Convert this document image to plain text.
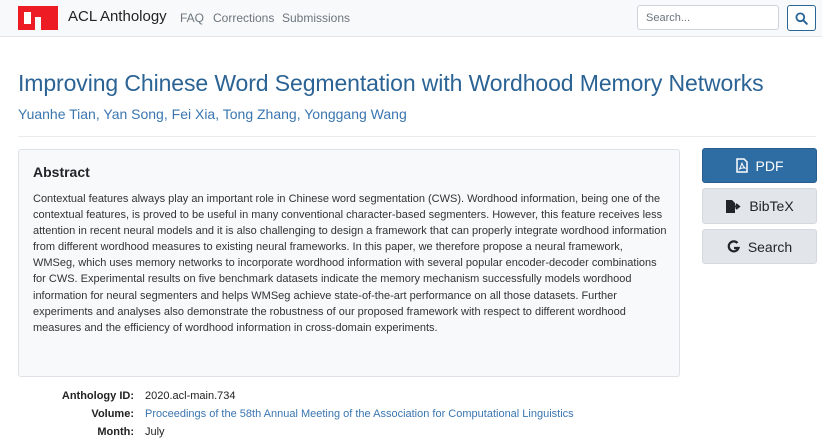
ACL Anthology FAQ Corrections Submissions
Search...
Improving Chinese Word Segmentation with Wordhood Memory Networks
Yuanhe Tian, Yan Song, Fei Xia, Tong Zhang, Yonggang Wang
Abstract

Contextual features always play an important role in Chinese word segmentation (CWS). Wordhood information, being one of the contextual features, is proved to be useful in many conventional character-based segmenters. However, this feature receives less attention in recent neural models and it is also challenging to design a framework that can properly integrate wordhood information from different wordhood measures to existing neural frameworks. In this paper, we therefore propose a neural framework, WMSeg, which uses memory networks to incorporate wordhood information with several popular encoder-decoder combinations for CWS. Experimental results on five benchmark datasets indicate the memory mechanism successfully models wordhood information for neural segmenters and helps WMSeg achieve state-of-the-art performance on all those datasets. Further experiments and analyses also demonstrate the robustness of our proposed framework with respect to different wordhood measures and the efficiency of wordhood information in cross-domain experiments.

PDF
BibTeX
Search
Anthology ID: 2020.acl-main.734
Volume: Proceedings of the 58th Annual Meeting of the Association for Computational Linguistics
Month: July
